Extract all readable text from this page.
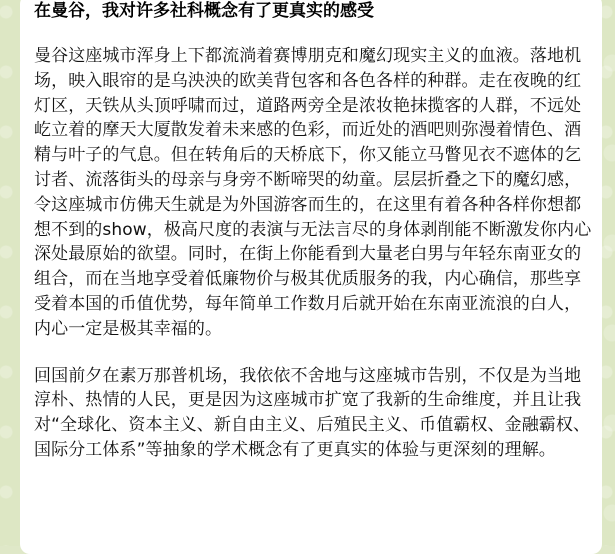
在曼谷，我对许多社科概念有了更真实的感受

曼谷这座城市浑身上下都流淌着赛博朋克和魔幻现实主义的血液。落地机场，映入眼帘的是乌泱泱的欧美背包客和各色各样的种群。走在夜晚的红灯区，天铁从头顶呼啸而过，道路两旁全是浓妆艳抹揽客的人群，不远处屹立着的摩天大厦散发着未来感的色彩，而近处的酒吧则弥漫着情色、酒精与叶子的气息。但在转角后的天桥底下，你又能立马瞥见衣不遮体的乞讨者、流落街头的母亲与身旁不断啼哭的幼童。层层折叠之下的魔幻感，令这座城市仿佛天生就是为外国游客而生的，在这里有着各种各样你想都想不到的show，极高尺度的表演与无法言尽的身体剥削能不断激发你内心深处最原始的欲望。同时，在街上你能看到大量老白男与年轻东南亚女的组合，而在当地享受着低廉物价与极其优质服务的我，内心确信，那些享受着本国的币值优势，每年简单工作数月后就开始在东南亚流浪的白人，内心一定是极其幸福的。

回国前夕在素万那普机场，我依依不舍地与这座城市告别，不仅是为当地淳朴、热情的人民，更是因为这座城市扩宽了我新的生命维度，并且让我对“全球化、资本主义、新自由主义、后殖民主义、币值霸权、金融霸权、国际分工体系”等抽象的学术概念有了更真实的体验与更深刻的理解。
